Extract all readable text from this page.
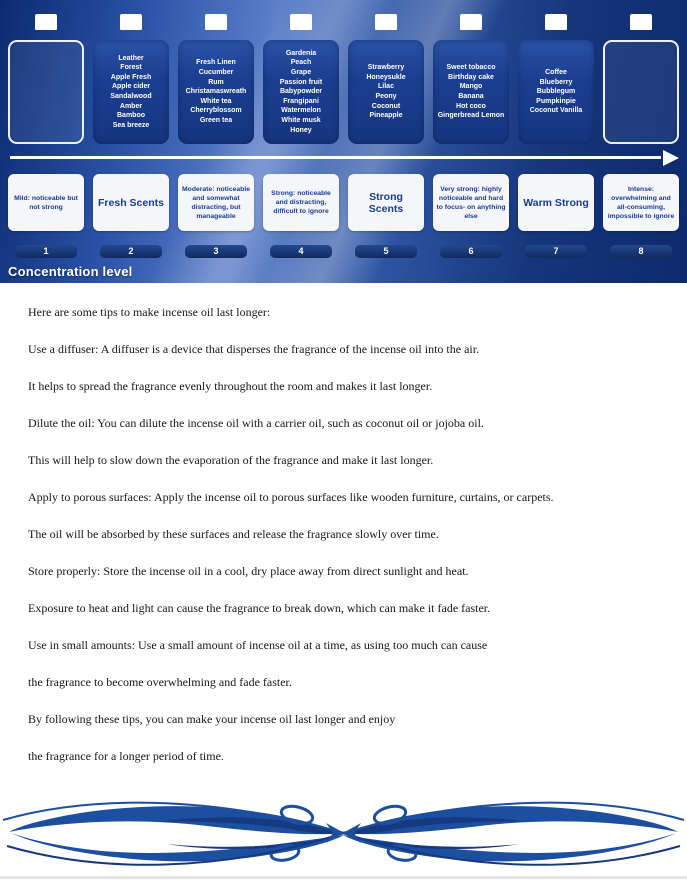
Leather
Forest
Apple Fresh
Apple cider
Sandalwood
Amber
Bamboo
Sea breeze
Fresh Linen
Cucumber
Rum
Christamaswreath
White tea
Cherryblossom
Green tea
Gardenia
Peach
Grape
Passion fruit
Babypowder
Frangipani
Watermelon
White musk
Honey
Strawberry
Honeysukle
Lilac
Peony
Coconut
Pineapple
Sweet tobacco
Birthday cake
Mango
Banana
Hot coco
Gingerbread Lemon
Coffee
Blueberry
Bubblegum
Pumpkinpie
Coconut Vanilla
Mild: noticeable but not strong	Fresh Scents
Moderate: noticeable and somewhat distracting, but manageable
Strong: noticeable and distracting, difficult to ignore
Strong Scents
Very strong: highly noticeable and hard to focus- on anything else
Warm Strong
Intense: overwhelming and all-consuming, impossible to ignore
1	2	3	4	5	6	7	8
Concentration level
Here are some tips to make incense oil last longer:
Use a diffuser: A diffuser is a device that disperses the fragrance of the incense oil into the air.
It helps to spread the fragrance evenly throughout the room and makes it last longer.
Dilute the oil: You can dilute the incense oil with a carrier oil, such as coconut oil or jojoba oil.
This will help to slow down the evaporation of the fragrance and make it last longer.
Apply to porous surfaces: Apply the incense oil to porous surfaces like wooden furniture, curtains, or carpets.
The oil will be absorbed by these surfaces and release the fragrance slowly over time.
Store properly: Store the incense oil in a cool, dry place away from direct sunlight and heat.
Exposure to heat and light can cause the fragrance to break down, which can make it fade faster.
Use in small amounts: Use a small amount of incense oil at a time, as using too much can cause
the fragrance to become overwhelming and fade faster.
By following these tips, you can make your incense oil last longer and enjoy
the fragrance for a longer period of time.
